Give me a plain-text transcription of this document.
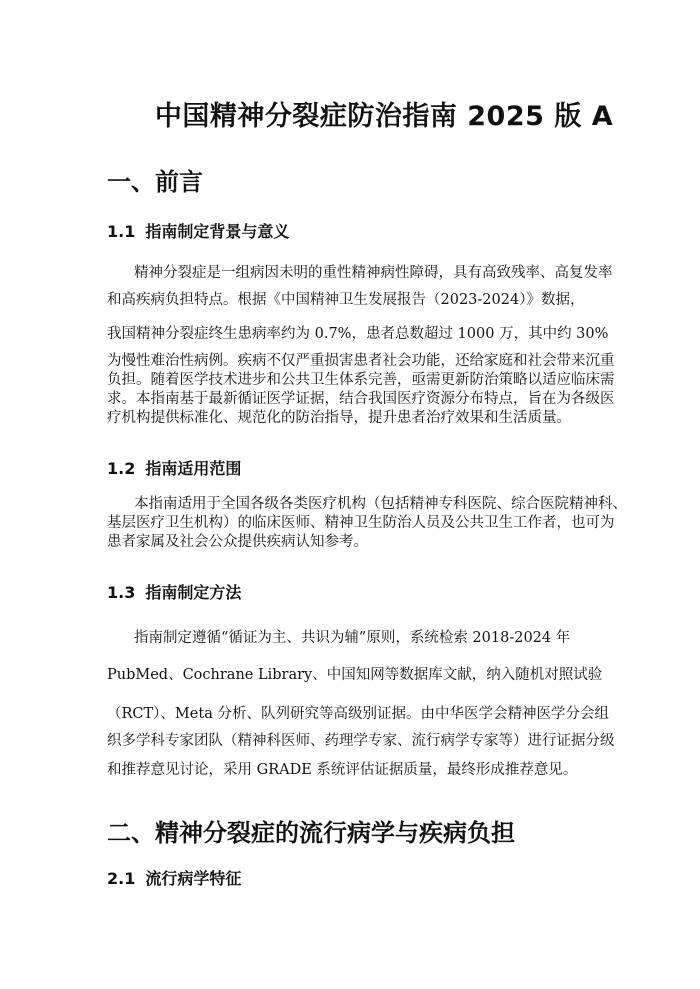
中国精神分裂症防治指南 2025 版 A
一、前言
1.1 指南制定背景与意义
精神分裂症是一组病因未明的重性精神病性障碍，具有高致残率、高复发率
和高疾病负担特点。根据《中国精神卫生发展报告（2023-2024）》数据，
我国精神分裂症终生患病率约为 0.7%，患者总数超过 1000 万，其中约 30%
为慢性难治性病例。疾病不仅严重损害患者社会功能，还给家庭和社会带来沉重
负担。随着医学技术进步和公共卫生体系完善，亟需更新防治策略以适应临床需
求。本指南基于最新循证医学证据，结合我国医疗资源分布特点，旨在为各级医
疗机构提供标准化、规范化的防治指导，提升患者治疗效果和生活质量。
1.2 指南适用范围
本指南适用于全国各级各类医疗机构（包括精神专科医院、综合医院精神科、
基层医疗卫生机构）的临床医师、精神卫生防治人员及公共卫生工作者，也可为
患者家属及社会公众提供疾病认知参考。
1.3 指南制定方法
指南制定遵循“循证为主、共识为辅”原则，系统检索 2018-2024 年
PubMed、Cochrane Library、中国知网等数据库文献，纳入随机对照试验
（RCT）、Meta 分析、队列研究等高级别证据。由中华医学会精神医学分会组
织多学科专家团队（精神科医师、药理学专家、流行病学专家等）进行证据分级
和推荐意见讨论，采用 GRADE 系统评估证据质量，最终形成推荐意见。
二、精神分裂症的流行病学与疾病负担
2.1 流行病学特征
